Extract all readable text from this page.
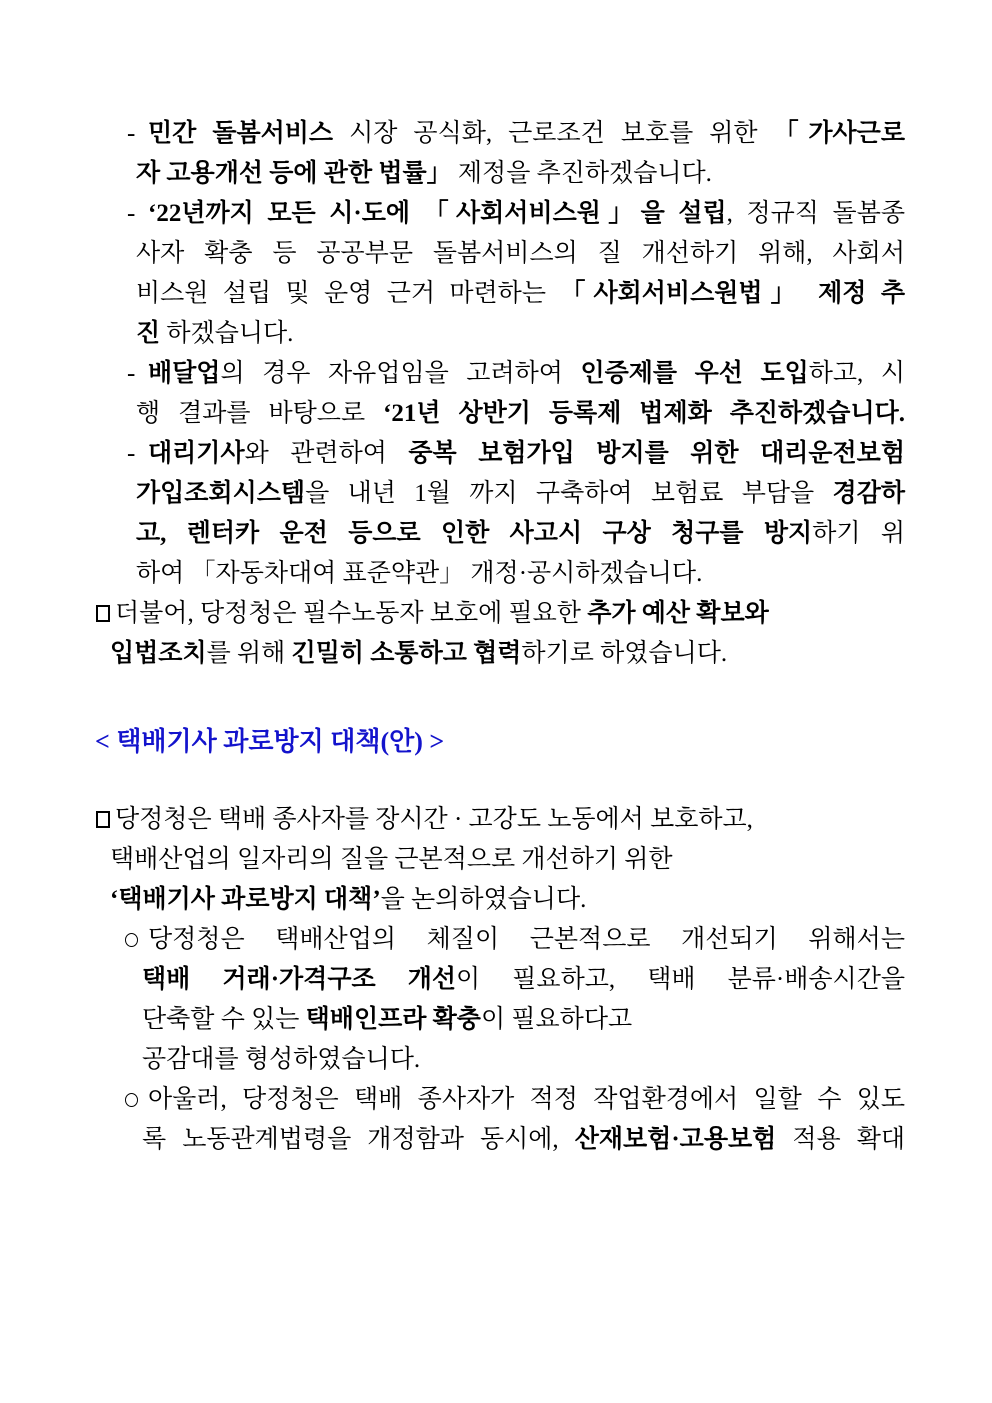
- 민간 돌봄서비스 시장 공식화, 근로조건 보호를 위한 「가사근로

자 고용개선 등에 관한 법률」 제정을 추진하겠습니다.

- ‘22년까지 모든 시·도에 「사회서비스원」을 설립, 정규직 돌봄종

사자 확충 등 공공부문 돌봄서비스의 질 개선하기 위해, 사회서

비스원 설립 및 운영 근거 마련하는 「사회서비스원법」 제정 추

진 하겠습니다.

- 배달업의 경우 자유업임을 고려하여 인증제를 우선 도입하고, 시

행 결과를 바탕으로 ‘21년 상반기 등록제 법제화 추진하겠습니다.

- 대리기사와 관련하여 중복 보험가입 방지를 위한 대리운전보험

가입조회시스템을 내년 1월 까지 구축하여 보험료 부담을 경감하

고, 렌터카 운전 등으로 인한 사고시 구상 청구를 방지하기 위

하여 「자동차대여 표준약관」 개정·공시하겠습니다.

더불어, 당정청은 필수노동자 보호에 필요한 추가 예산 확보와

입법조치를 위해 긴밀히 소통하고 협력하기로 하였습니다.

< 택배기사 과로방지 대책(안) >

당정청은 택배 종사자를 장시간 · 고강도 노동에서 보호하고,

택배산업의 일자리의 질을 근본적으로 개선하기 위한

‘택배기사 과로방지 대책’을 논의하였습니다.

당정청은 택배산업의 체질이 근본적으로 개선되기 위해서는

택배 거래·가격구조 개선이 필요하고, 택배 분류·배송시간을

단축할 수 있는 택배인프라 확충이 필요하다고

공감대를 형성하였습니다.

아울러, 당정청은 택배 종사자가 적정 작업환경에서 일할 수 있도

록 노동관계법령을 개정함과 동시에, 산재보험·고용보험 적용 확대
